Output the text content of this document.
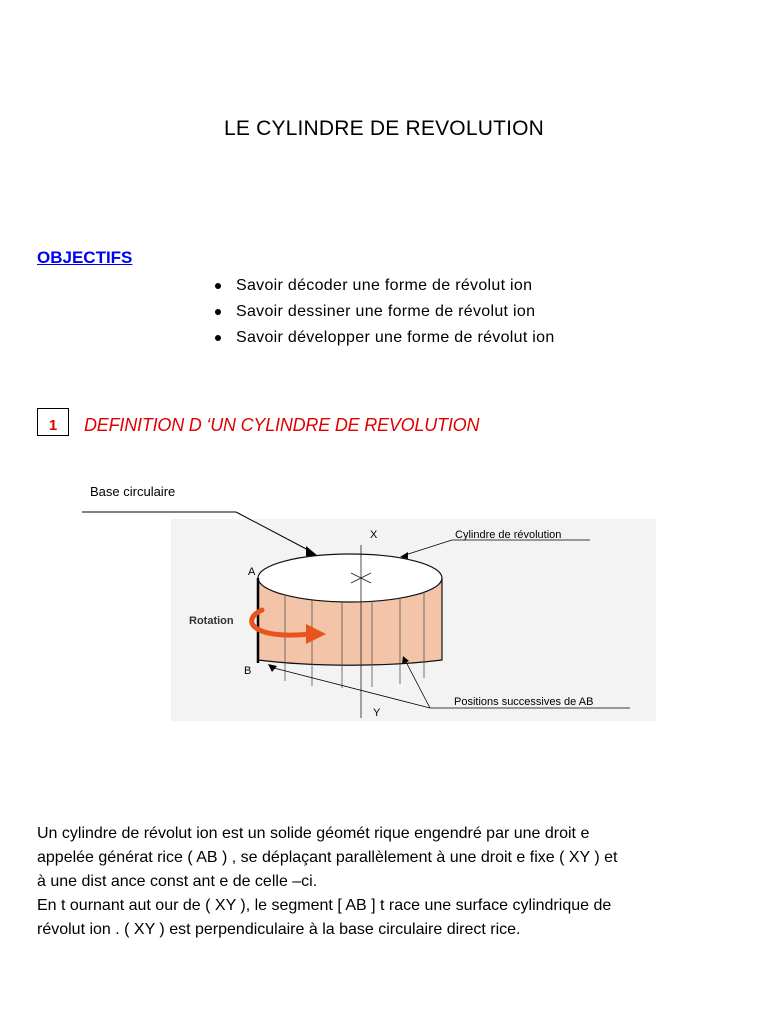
LE CYLINDRE DE REVOLUTION
OBJECTIFS
Savoir décoder une forme de révolut ion
Savoir dessiner une forme de révolut ion
Savoir développer une forme de révolut ion
1	DEFINITION D ‘UN CYLINDRE DE REVOLUTION
Base circulaire
X
Y
A
B
Rotation
Cylindre de révolution
Positions successives de AB

Un cylindre de révolut ion est un solide géomét rique engendré par une droit e

appelée générat rice ( AB ) , se déplaçant parallèlement à une droit e fixe ( XY ) et

à une dist ance const ant e de celle –ci.

En t ournant aut our de ( XY ), le segment [ AB ] t race une surface cylindrique de

révolut ion . ( XY ) est perpendiculaire à la base circulaire direct rice.
